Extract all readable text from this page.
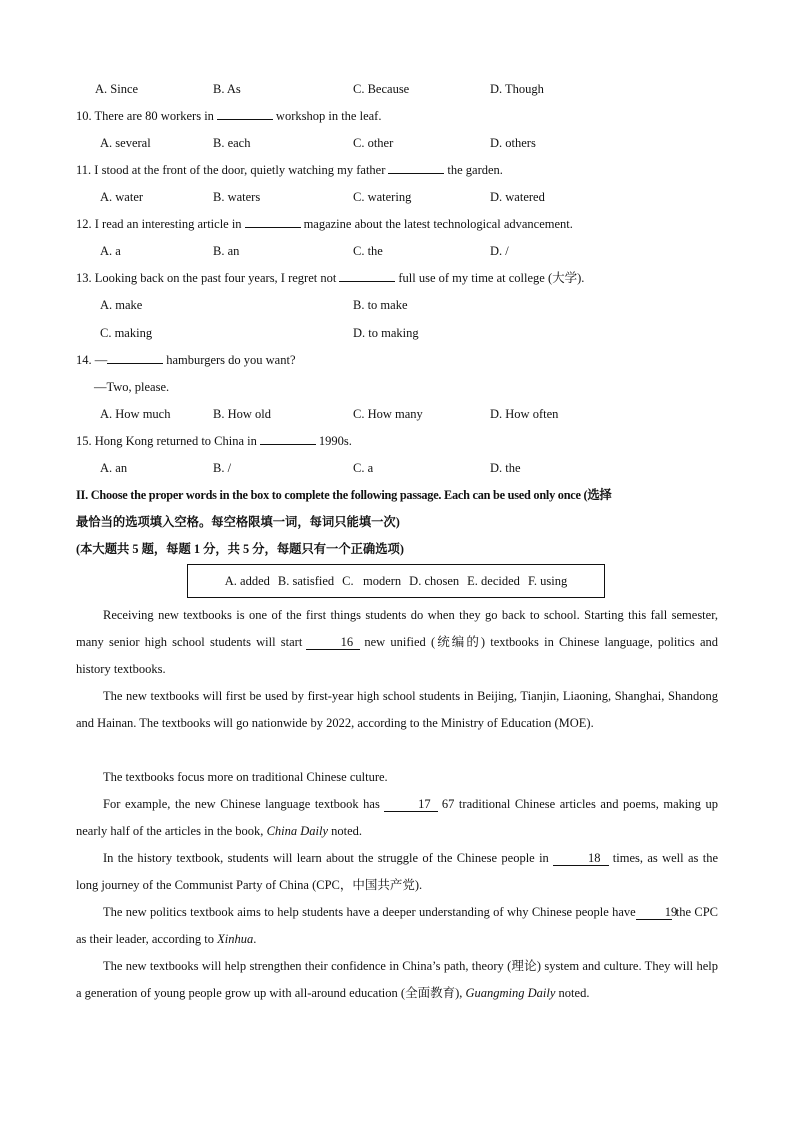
A. Since	B. As	C. Because	D. Though
10. There are 80 workers in	workshop in the leaf.
A. several	B. each	C. other	D. others
11. I stood at the front of the door, quietly watching my father	the garden.
A. water	B. waters	C. watering	D. watered
12. I read an interesting article in	magazine about the latest technological advancement.
A. a	B. an	C. the	D. /
13. Looking back on the past four years, I regret not	full use of my time at college (大学).
A. make	B. to make
C. making	D. to making
14. —	hamburgers do you want?
—Two, please.
A. How much	B. How old	C. How many	D. How often
15. Hong Kong returned to China in	1990s.
A. an	B. /	C. a	D. the
II. Choose the proper words in the box to complete the following passage. Each can be used only once (选择
最恰当的选项填入空格。每空格限填一词，每词只能填一次)
(本大题共 5 题，每题 1 分，共 5 分，每题只有一个正确选项)
A. added B. satisfied C.   modern D. chosen E. decided F. using
Receiving new textbooks is one of the first things students do when they go back to school. Starting this fall semester, many senior high school students will start	16 new unified (统编的) textbooks in Chinese language, politics and history textbooks.
The new textbooks will first be used by first-year high school students in Beijing, Tianjin, Liaoning, Shanghai, Shandong and Hainan. The textbooks will go nationwide by 2022, according to the Ministry of Education (MOE).
The textbooks focus more on traditional Chinese culture.
For example, the new Chinese language textbook has	17 67 traditional Chinese articles and poems, making up nearly half of the articles in the book, China Daily noted.
In the history textbook, students will learn about the struggle of the Chinese people in	18 times, as well as the long journey of the Communist Party of China (CPC，中国共产党).
The new politics textbook aims to help students have a deeper understanding of why Chinese people have 19the CPC as their leader, according to Xinhua.
The new textbooks will help strengthen their confidence in China’s path, theory (理论) system and culture. They will help a generation of young people grow up with all-around education (全面教育), Guangming Daily noted.
